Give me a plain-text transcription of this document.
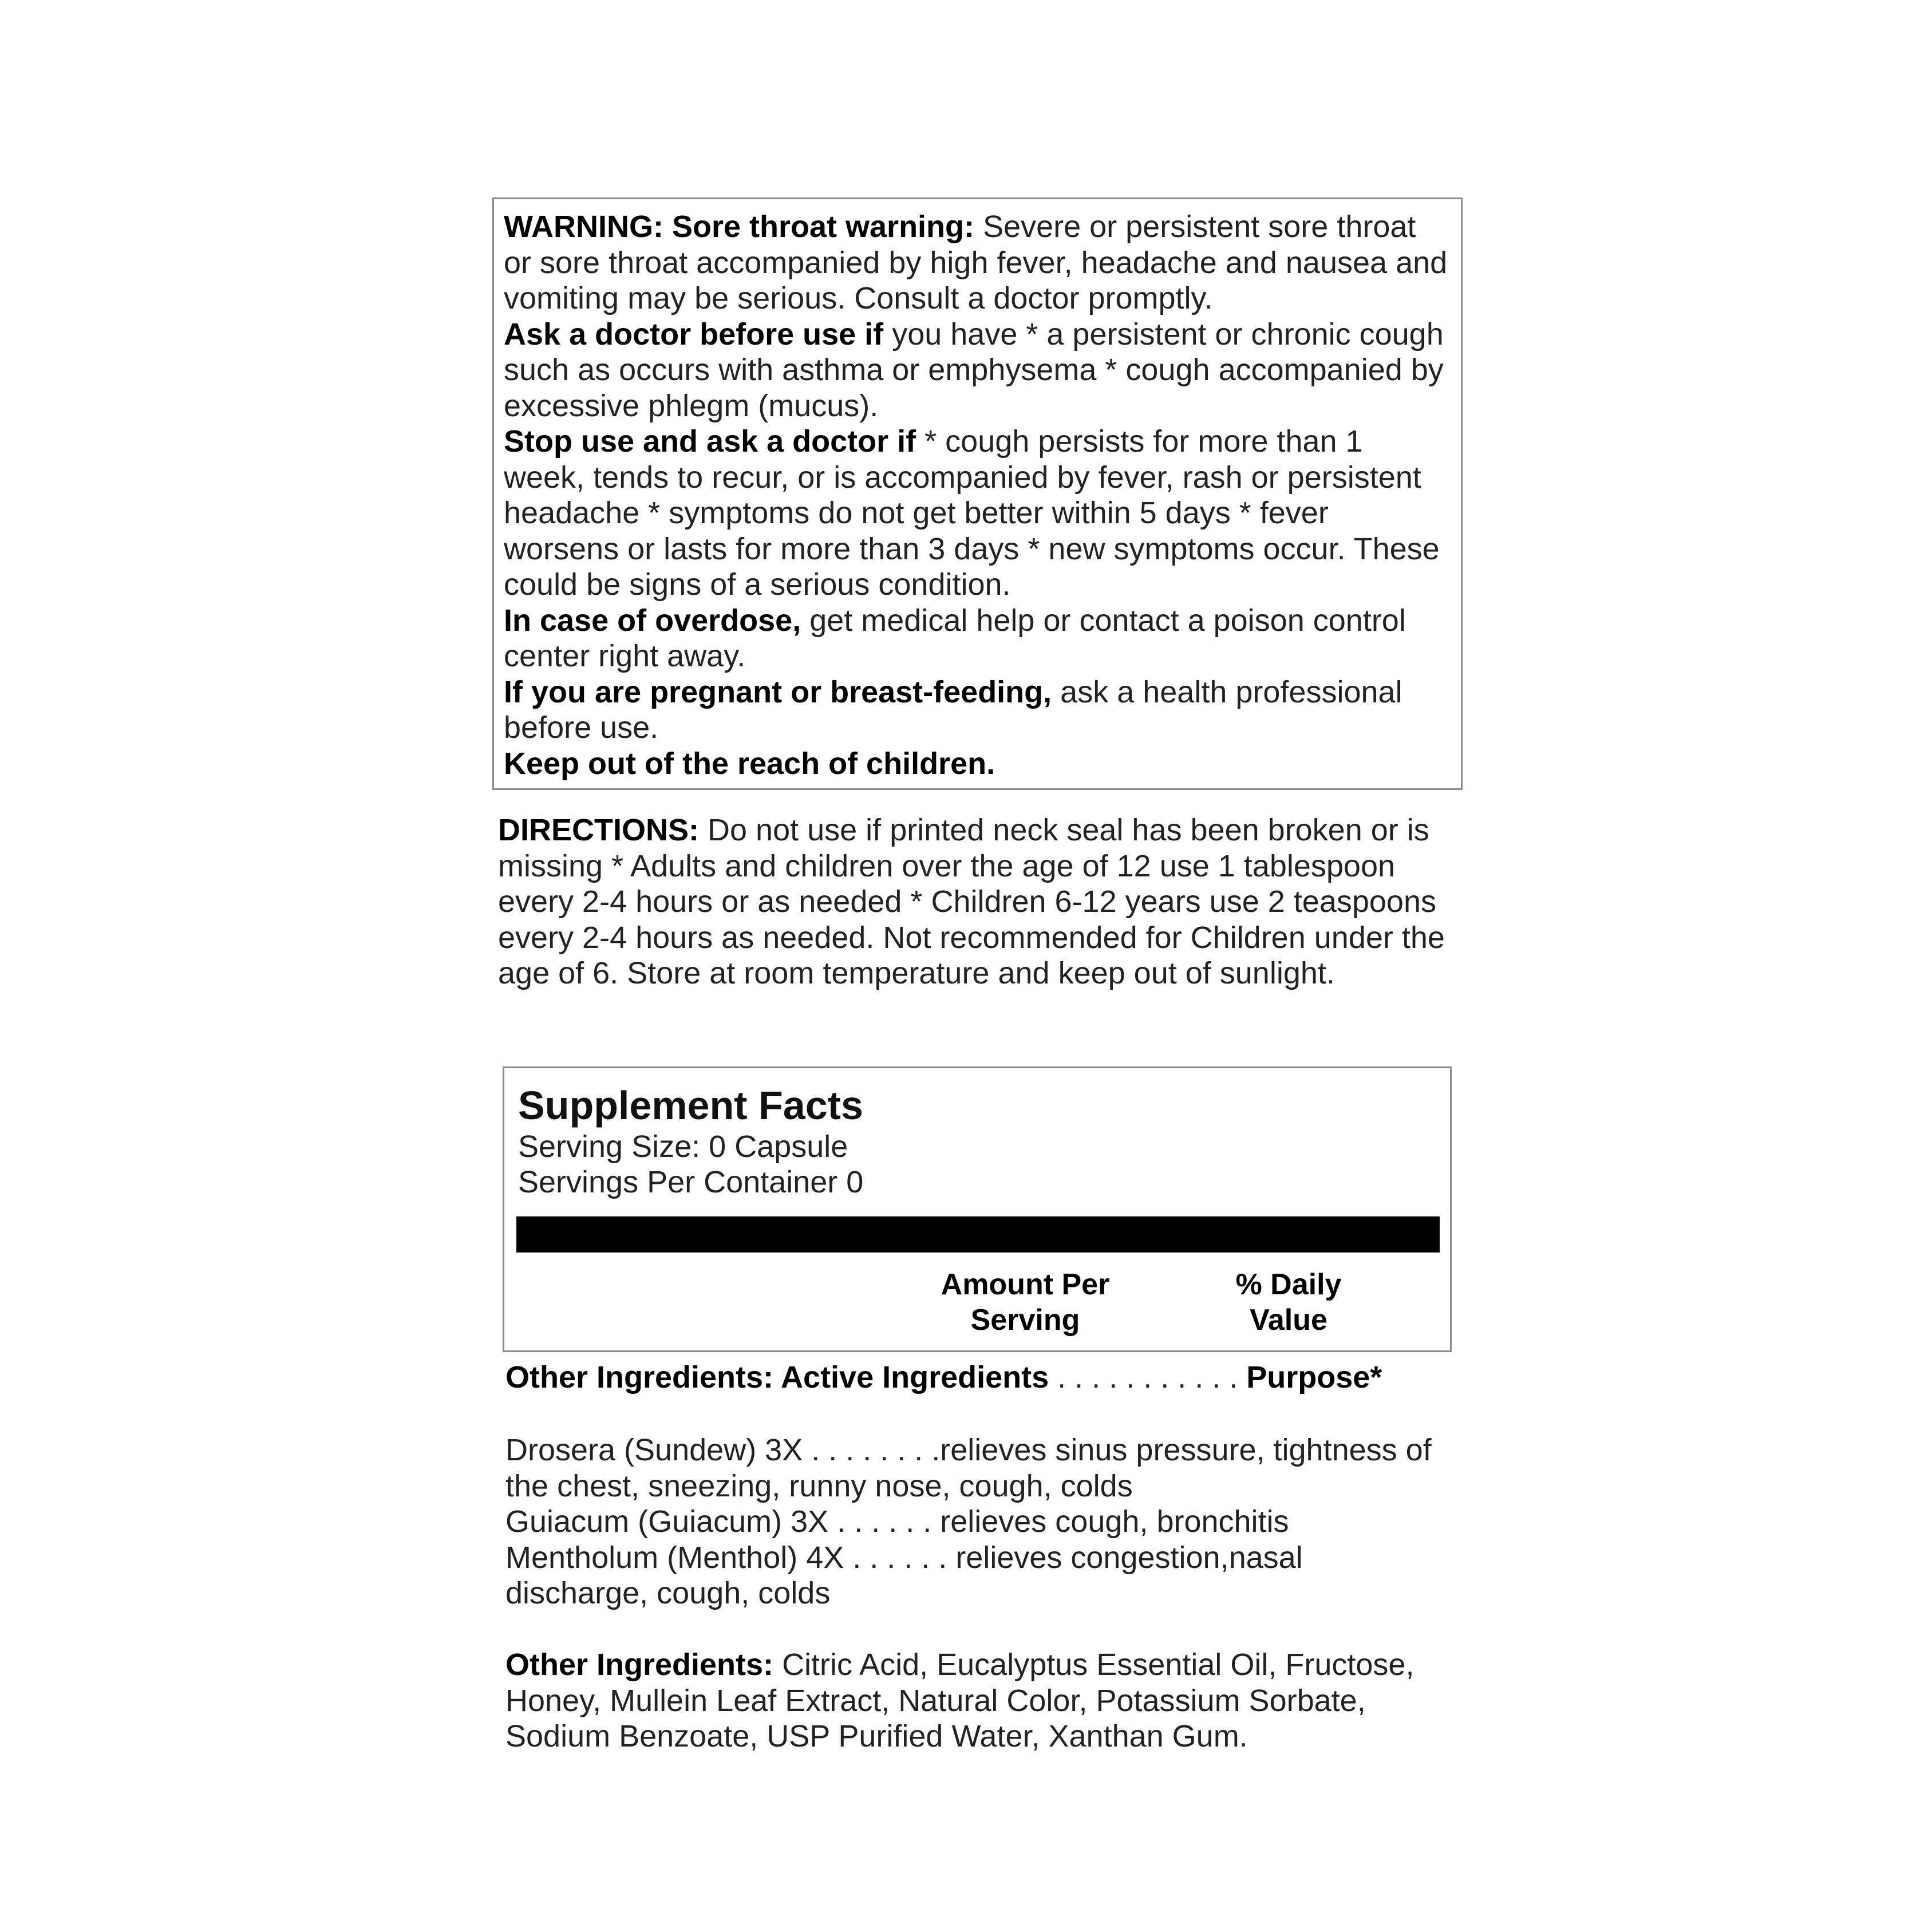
WARNING: Sore throat warning: Severe or persistent sore throat or sore throat accompanied by high fever, headache and nausea and vomiting may be serious. Consult a doctor promptly.

Ask a doctor before use if you have * a persistent or chronic cough such as occurs with asthma or emphysema * cough accompanied by excessive phlegm (mucus).

Stop use and ask a doctor if * cough persists for more than 1 week, tends to recur, or is accompanied by fever, rash or persistent headache * symptoms do not get better within 5 days * fever worsens or lasts for more than 3 days * new symptoms occur. These could be signs of a serious condition.

In case of overdose, get medical help or contact a poison control center right away.

If you are pregnant or breast-feeding, ask a health professional before use.

Keep out of the reach of children.

DIRECTIONS: Do not use if printed neck seal has been broken or is missing * Adults and children over the age of 12 use 1 tablespoon every 2-4 hours or as needed * Children 6-12 years use 2 teaspoons every 2-4 hours as needed. Not recommended for Children under the age of 6. Store at room temperature and keep out of sunlight.

Supplement Facts
Serving Size: 0 Capsule
Servings Per Container 0
Amount Per
Serving
% Daily
Value
Other Ingredients: Active Ingredients . . . . . . . . . . . Purpose*

Drosera (Sundew) 3X . . . . . . . .relieves sinus pressure, tightness of the chest, sneezing, runny nose, cough, colds

Guiacum (Guiacum) 3X . . . . . . relieves cough, bronchitis

Mentholum (Menthol) 4X . . . . . . relieves congestion,nasal discharge, cough, colds

Other Ingredients: Citric Acid, Eucalyptus Essential Oil, Fructose, Honey, Mullein Leaf Extract, Natural Color, Potassium Sorbate, Sodium Benzoate, USP Purified Water, Xanthan Gum.
